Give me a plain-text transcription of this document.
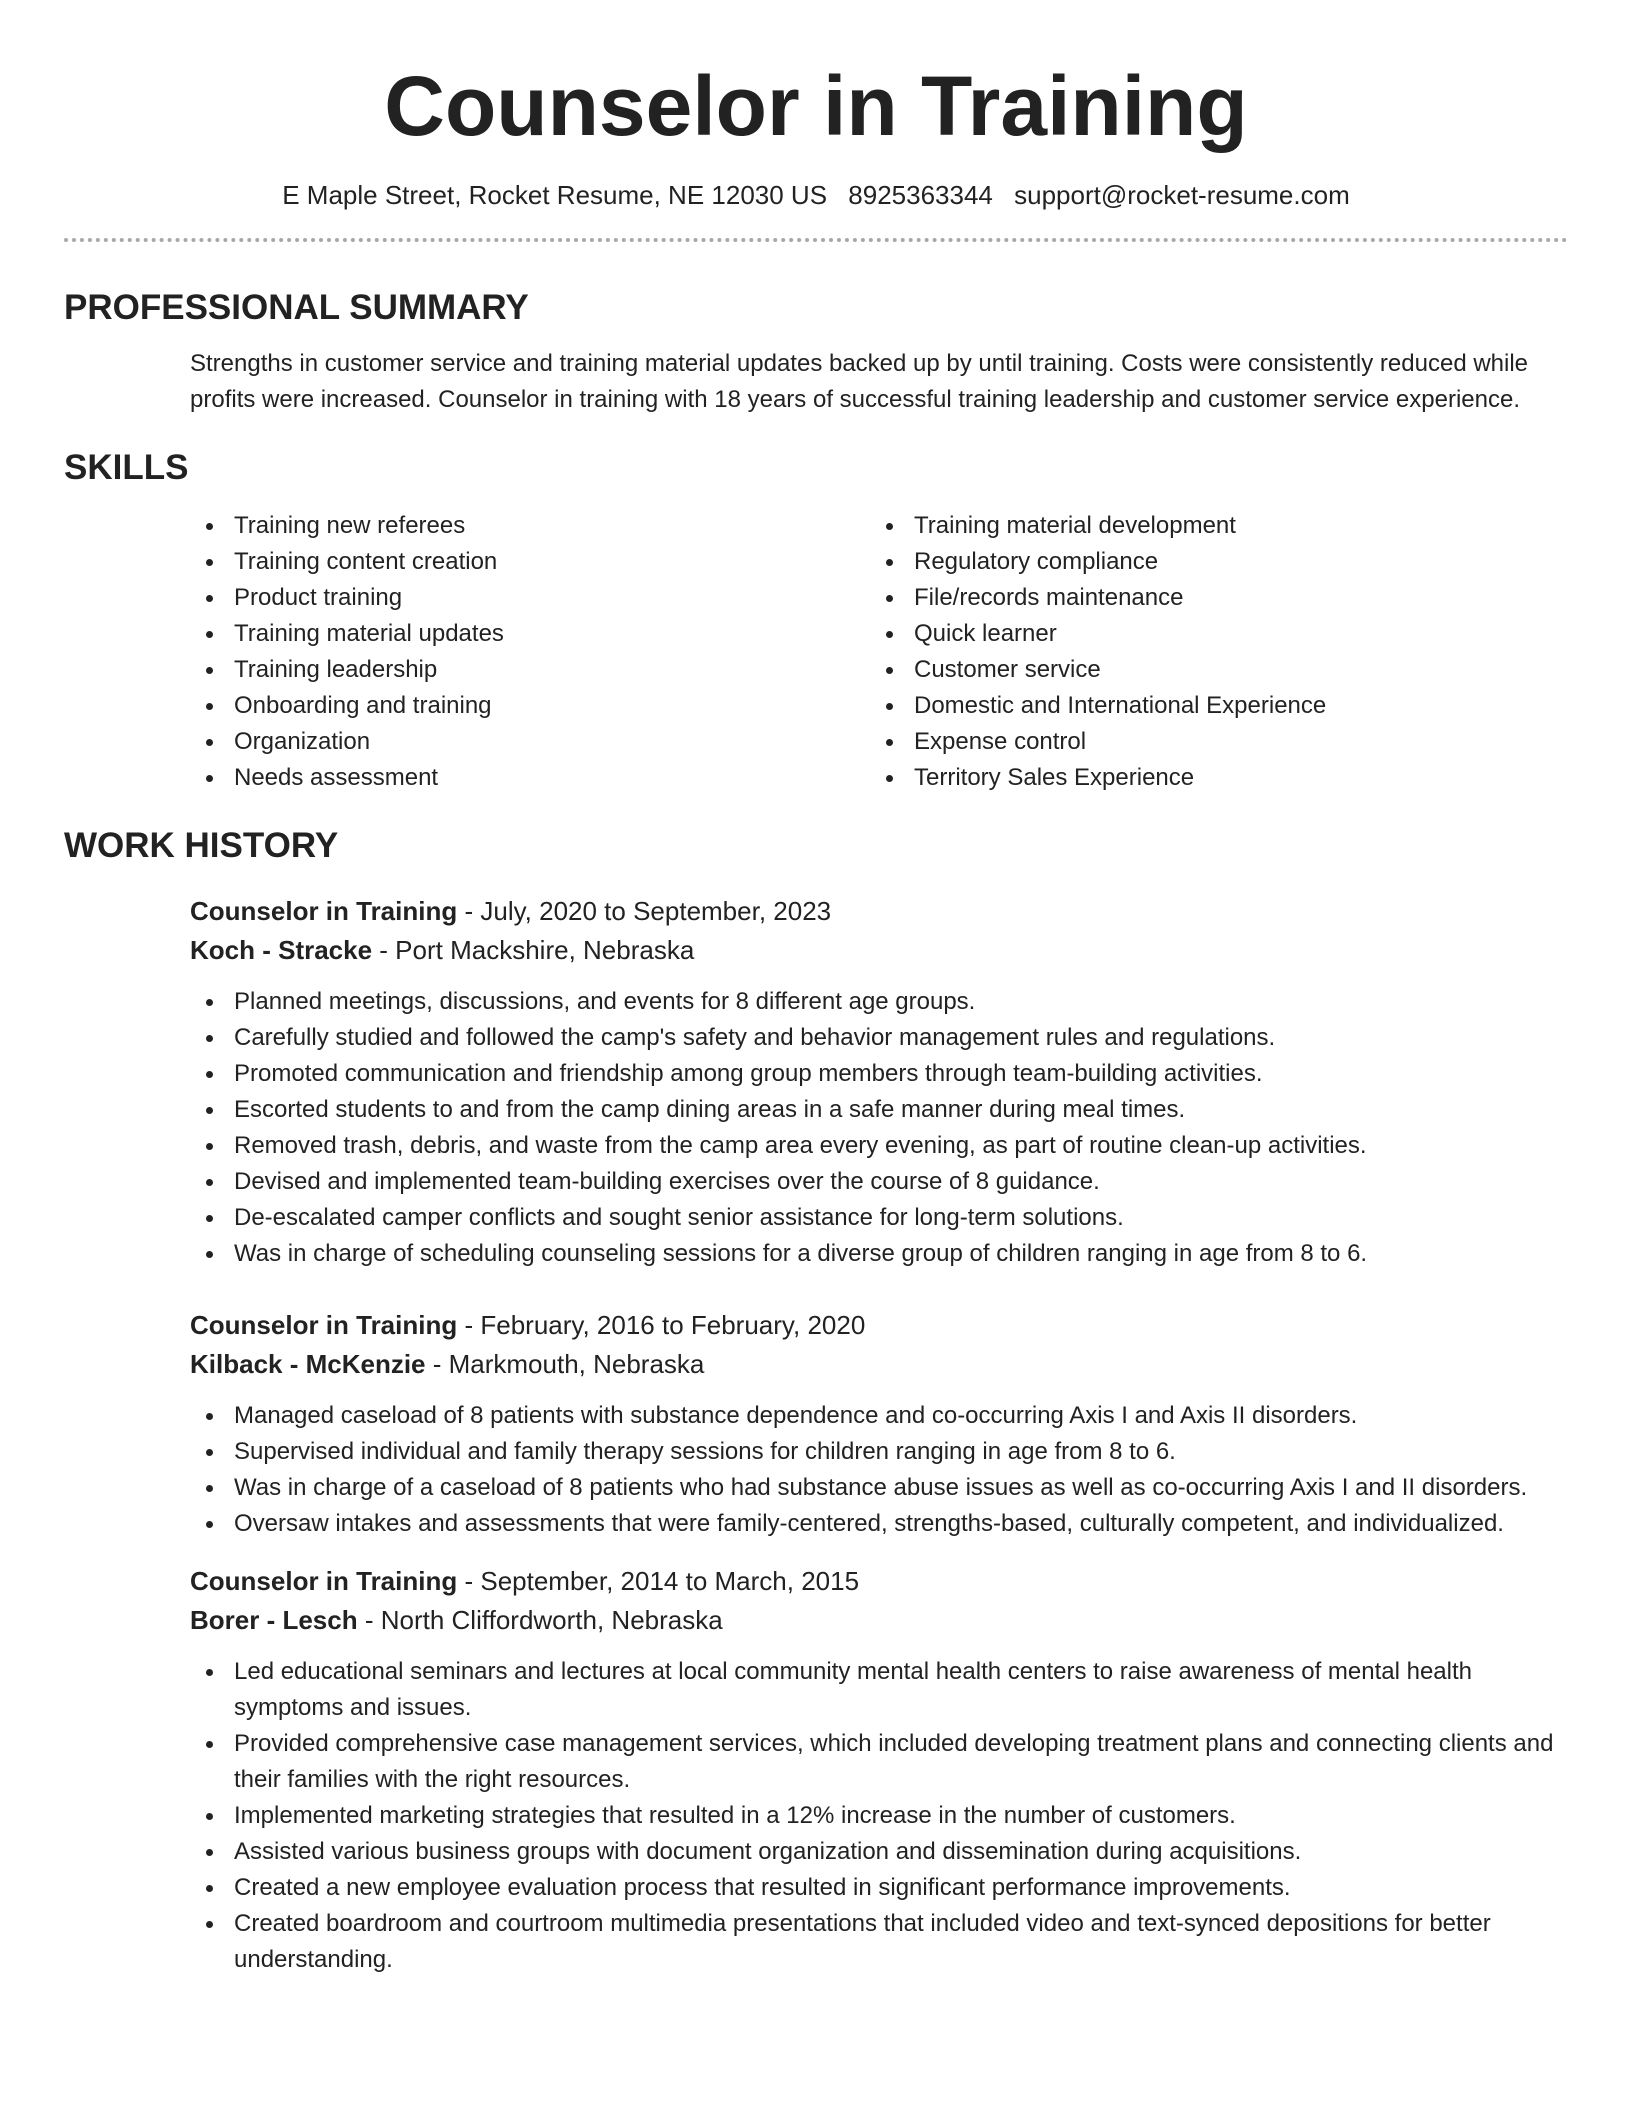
Counselor in Training
E Maple Street, Rocket Resume, NE 12030 US 8925363344 support@rocket-resume.com
PROFESSIONAL SUMMARY

Strengths in customer service and training material updates backed up by until training. Costs were consistently reduced while profits were increased. Counselor in training with 18 years of successful training leadership and customer service experience.

SKILLS
Training new referees
Training content creation
Product training
Training material updates
Training leadership
Onboarding and training
Organization
Needs assessment
Training material development
Regulatory compliance
File/records maintenance
Quick learner
Customer service
Domestic and International Experience
Expense control
Territory Sales Experience
WORK HISTORY
Counselor in Training - July, 2020 to September, 2023
Koch - Stracke - Port Mackshire, Nebraska
Planned meetings, discussions, and events for 8 different age groups.
Carefully studied and followed the camp's safety and behavior management rules and regulations.
Promoted communication and friendship among group members through team-building activities.
Escorted students to and from the camp dining areas in a safe manner during meal times.
Removed trash, debris, and waste from the camp area every evening, as part of routine clean-up activities.
Devised and implemented team-building exercises over the course of 8 guidance.
De-escalated camper conflicts and sought senior assistance for long-term solutions.
Was in charge of scheduling counseling sessions for a diverse group of children ranging in age from 8 to 6.
Counselor in Training - February, 2016 to February, 2020
Kilback - McKenzie - Markmouth, Nebraska
Managed caseload of 8 patients with substance dependence and co-occurring Axis I and Axis II disorders.
Supervised individual and family therapy sessions for children ranging in age from 8 to 6.
Was in charge of a caseload of 8 patients who had substance abuse issues as well as co-occurring Axis I and II disorders.
Oversaw intakes and assessments that were family-centered, strengths-based, culturally competent, and individualized.
Counselor in Training - September, 2014 to March, 2015
Borer - Lesch - North Cliffordworth, Nebraska
Led educational seminars and lectures at local community mental health centers to raise awareness of mental health symptoms and issues.
Provided comprehensive case management services, which included developing treatment plans and connecting clients and their families with the right resources.
Implemented marketing strategies that resulted in a 12% increase in the number of customers.
Assisted various business groups with document organization and dissemination during acquisitions.
Created a new employee evaluation process that resulted in significant performance improvements.
Created boardroom and courtroom multimedia presentations that included video and text-synced depositions for better understanding.
